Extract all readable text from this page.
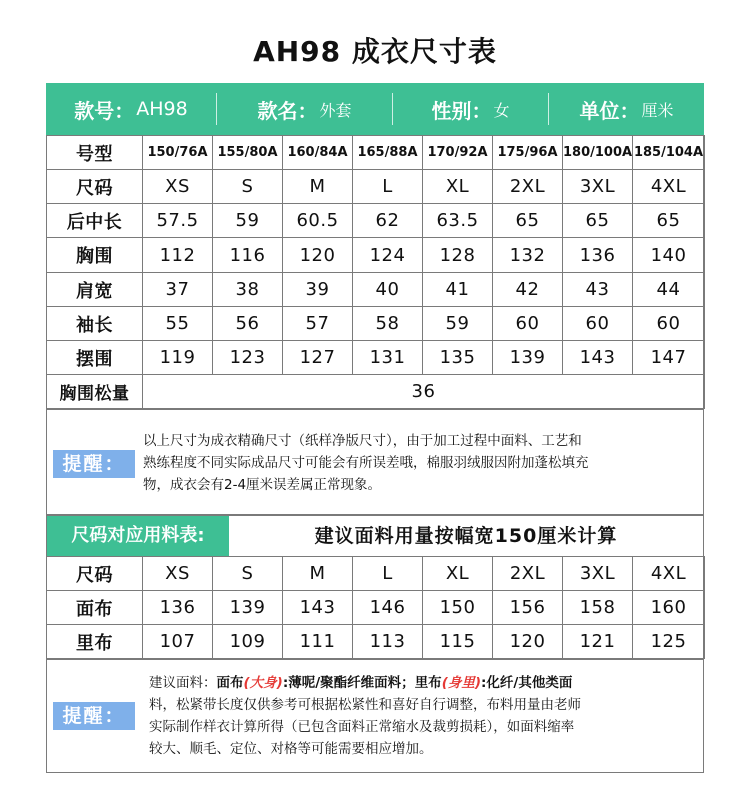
AH98 成衣尺寸表
款号： AH98	款名： 外套	性别： 女	单位： 厘米
号型	150/76A	155/80A	160/84A	165/88A	170/92A	175/96A	180/100A	185/104A
尺码	XS	S	M	L	XL	2XL	3XL	4XL
后中长	57.5	59	60.5	62	63.5	65	65	65
胸围	112	116	120	124	128	132	136	140
肩宽	37	38	39	40	41	42	43	44
袖长	55	56	57	58	59	60	60	60
摆围	119	123	127	131	135	139	143	147
胸围松量	36							
提醒：
以上尺寸为成衣精确尺寸（纸样净版尺寸），由于加工过程中面料、工艺和
熟练程度不同实际成品尺寸可能会有所误差哦，棉服羽绒服因附加蓬松填充
物，成衣会有2-4厘米误差属正常现象。
尺码对应用料表:	建议面料用量按幅宽150厘米计算
尺码	XS	S	M	L	XL	2XL	3XL	4XL
面布	136	139	143	146	150	156	158	160
里布	107	109	111	113	115	120	121	125
提醒：
建议面料：面布(大身):薄呢/聚酯纤维面料；里布(身里):化纤/其他类面
料，松紧带长度仅供参考可根据松紧性和喜好自行调整，布料用量由老师
实际制作样衣计算所得（已包含面料正常缩水及裁剪损耗），如面料缩率
较大、顺毛、定位、对格等可能需要相应增加。
